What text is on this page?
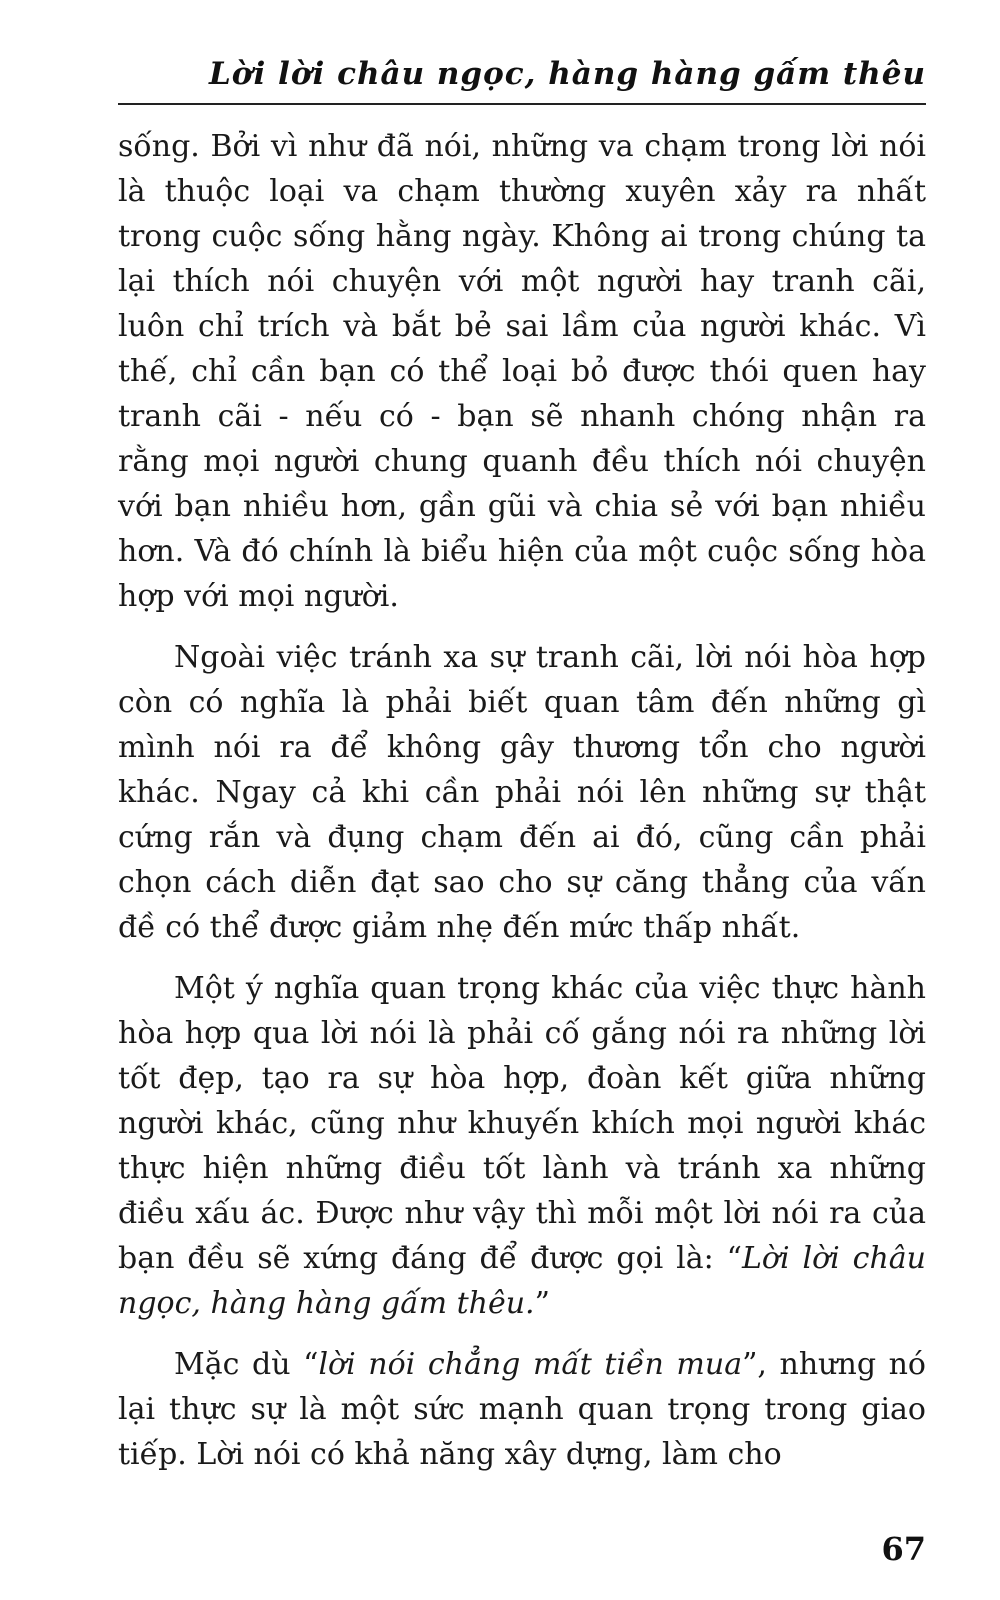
Lời lời châu ngọc, hàng hàng gấm thêu

sống. Bởi vì như đã nói, những va chạm trong lời nói là thuộc loại va chạm thường xuyên xảy ra nhất trong cuộc sống hằng ngày. Không ai trong chúng ta lại thích nói chuyện với một người hay tranh cãi, luôn chỉ trích và bắt bẻ sai lầm của người khác. Vì thế, chỉ cần bạn có thể loại bỏ được thói quen hay tranh cãi - nếu có - bạn sẽ nhanh chóng nhận ra rằng mọi người chung quanh đều thích nói chuyện với bạn nhiều hơn, gần gũi và chia sẻ với bạn nhiều hơn. Và đó chính là biểu hiện của một cuộc sống hòa hợp với mọi người.

Ngoài việc tránh xa sự tranh cãi, lời nói hòa hợp còn có nghĩa là phải biết quan tâm đến những gì mình nói ra để không gây thương tổn cho người khác. Ngay cả khi cần phải nói lên những sự thật cứng rắn và đụng chạm đến ai đó, cũng cần phải chọn cách diễn đạt sao cho sự căng thẳng của vấn đề có thể được giảm nhẹ đến mức thấp nhất.

Một ý nghĩa quan trọng khác của việc thực hành hòa hợp qua lời nói là phải cố gắng nói ra những lời tốt đẹp, tạo ra sự hòa hợp, đoàn kết giữa những người khác, cũng như khuyến khích mọi người khác thực hiện những điều tốt lành và tránh xa những điều xấu ác. Được như vậy thì mỗi một lời nói ra của bạn đều sẽ xứng đáng để được gọi là: “Lời lời châu ngọc, hàng hàng gấm thêu.”

Mặc dù “lời nói chẳng mất tiền mua”, nhưng nó lại thực sự là một sức mạnh quan trọng trong giao tiếp. Lời nói có khả năng xây dựng, làm cho

67
